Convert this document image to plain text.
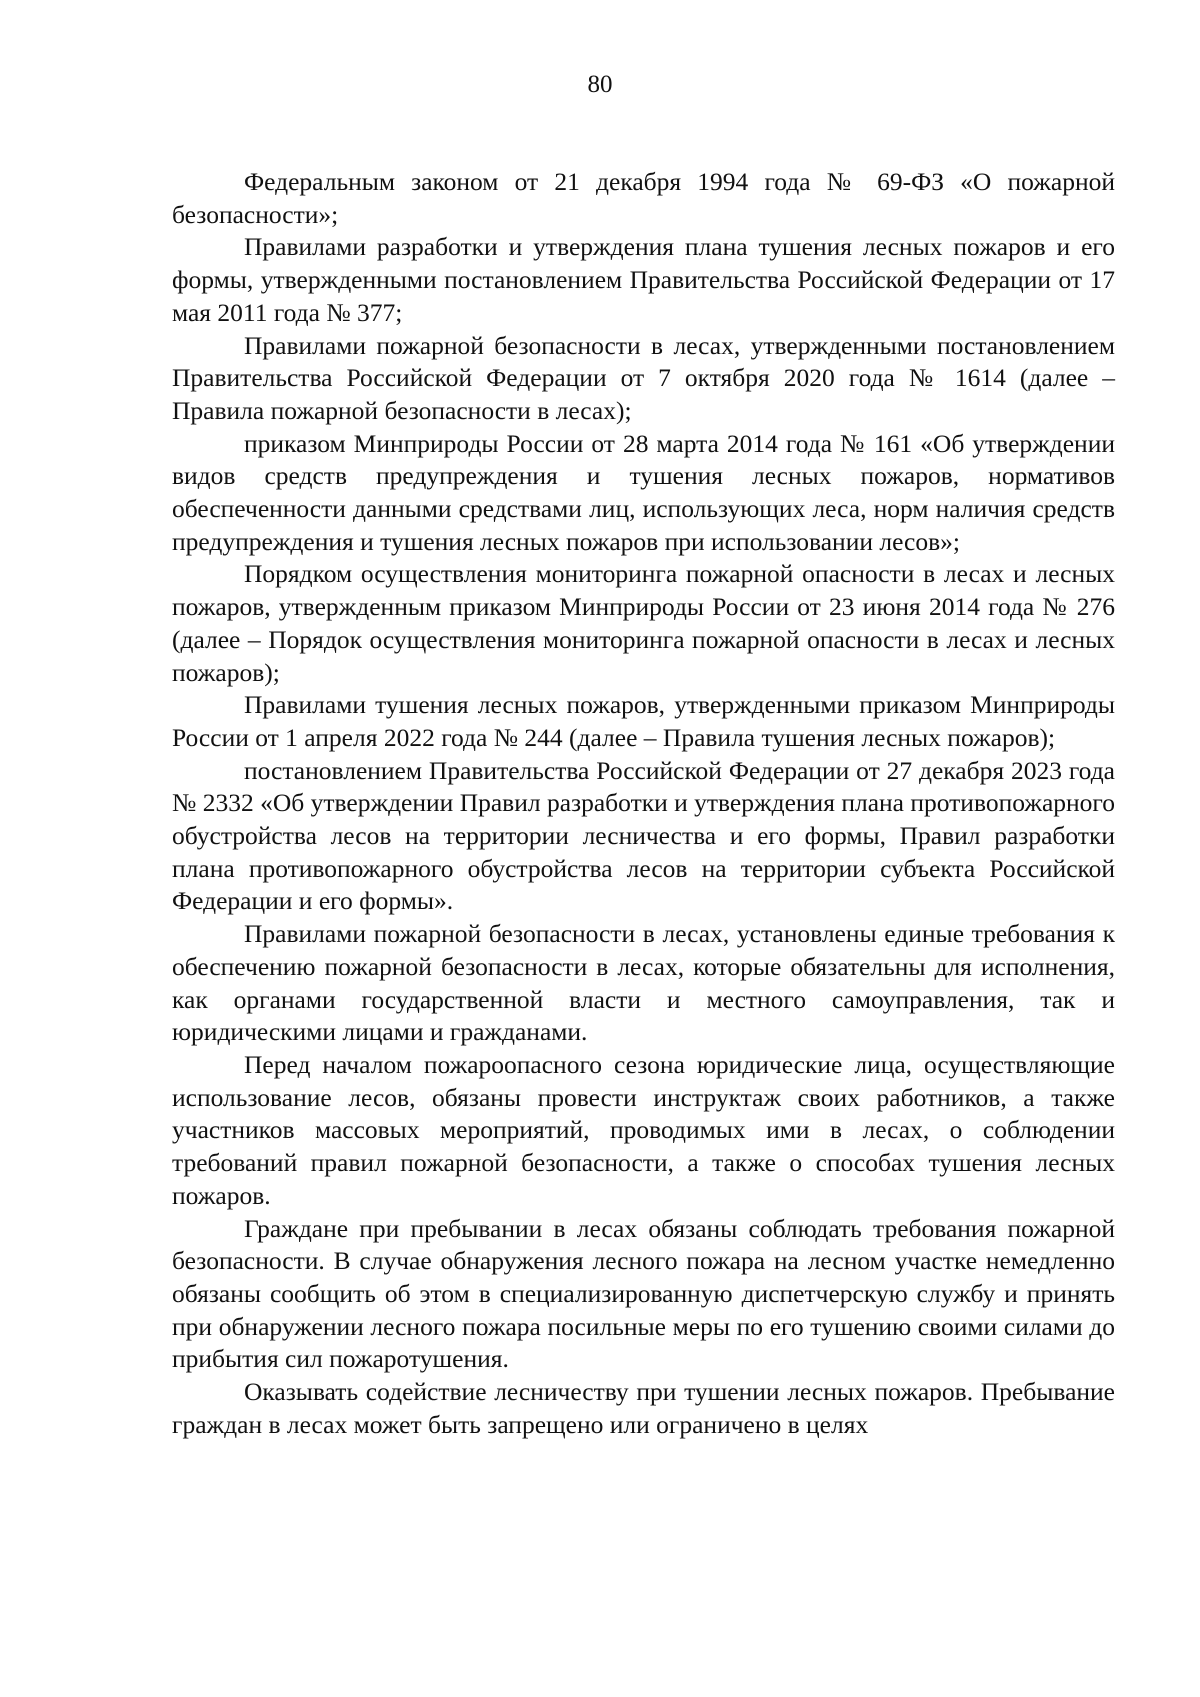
80

Федеральным законом от 21 декабря 1994 года № 69-ФЗ «О пожарной безопасности»;

Правилами разработки и утверждения плана тушения лесных пожаров и его формы, утвержденными постановлением Правительства Российской Федерации от 17 мая 2011 года № 377;

Правилами пожарной безопасности в лесах, утвержденными постановлением Правительства Российской Федерации от 7 октября 2020 года № 1614 (далее – Правила пожарной безопасности в лесах);

приказом Минприроды России от 28 марта 2014 года № 161 «Об утверждении видов средств предупреждения и тушения лесных пожаров, нормативов обеспеченности данными средствами лиц, использующих леса, норм наличия средств предупреждения и тушения лесных пожаров при использовании лесов»;

Порядком осуществления мониторинга пожарной опасности в лесах и лесных пожаров, утвержденным приказом Минприроды России от 23 июня 2014 года № 276 (далее – Порядок осуществления мониторинга пожарной опасности в лесах и лесных пожаров);

Правилами тушения лесных пожаров, утвержденными приказом Минприроды России от 1 апреля 2022 года № 244 (далее – Правила тушения лесных пожаров);

постановлением Правительства Российской Федерации от 27 декабря 2023 года № 2332 «Об утверждении Правил разработки и утверждения плана противопожарного обустройства лесов на территории лесничества и его формы, Правил разработки плана противопожарного обустройства лесов на территории субъекта Российской Федерации и его формы».

Правилами пожарной безопасности в лесах, установлены единые требования к обеспечению пожарной безопасности в лесах, которые обязательны для исполнения, как органами государственной власти и местного самоуправления, так и юридическими лицами и гражданами.

Перед началом пожароопасного сезона юридические лица, осуществляющие использование лесов, обязаны провести инструктаж своих работников, а также участников массовых мероприятий, проводимых ими в лесах, о соблюдении требований правил пожарной безопасности, а также о способах тушения лесных пожаров.

Граждане при пребывании в лесах обязаны соблюдать требования пожарной безопасности. В случае обнаружения лесного пожара на лесном участке немедленно обязаны сообщить об этом в специализированную диспетчерскую службу и принять при обнаружении лесного пожара посильные меры по его тушению своими силами до прибытия сил пожаротушения.

Оказывать содействие лесничеству при тушении лесных пожаров. Пребывание граждан в лесах может быть запрещено или ограничено в целях
